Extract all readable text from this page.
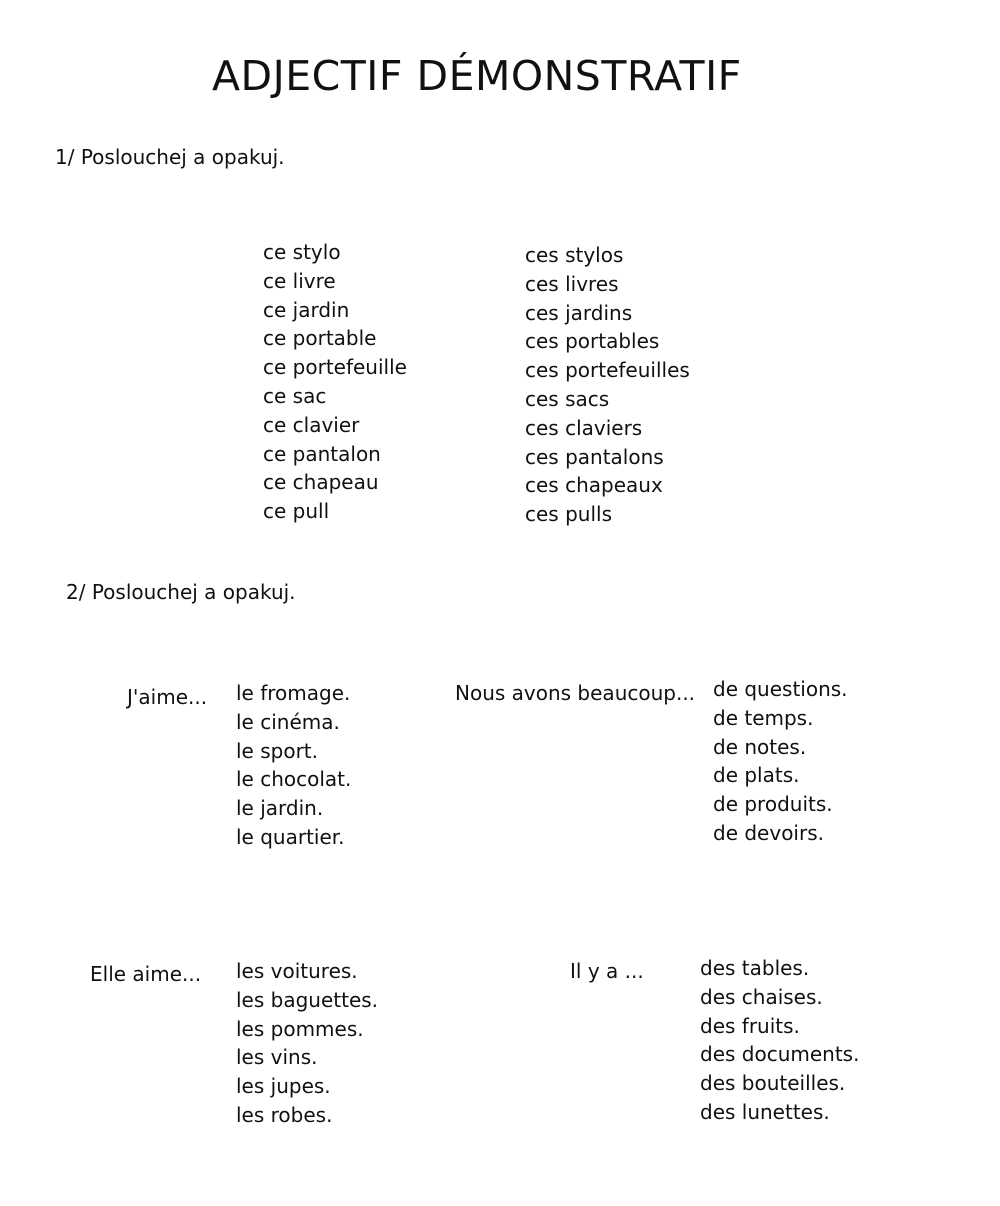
ADJECTIF DÉMONSTRATIF
1/ Poslouchej a opakuj.
ce stylo
ce livre
ce jardin
ce portable
ce portefeuille
ce sac
ce clavier
ce pantalon
ce chapeau
ce pull
ces stylos
ces livres
ces jardins
ces portables
ces portefeuilles
ces sacs
ces claviers
ces pantalons
ces chapeaux
ces pulls
2/ Poslouchej a opakuj.
J'aime... le fromage.
le cinéma.
le sport.
le chocolat.
le jardin.
le quartier.
Nous avons beaucoup... de questions.
de temps.
de notes.
de plats.
de produits.
de devoirs.
Elle aime... les voitures.
les baguettes.
les pommes.
les vins.
les jupes.
les robes.
Il y a ...	des tables.
des chaises.
des fruits.
des documents.
des bouteilles.
des lunettes.
